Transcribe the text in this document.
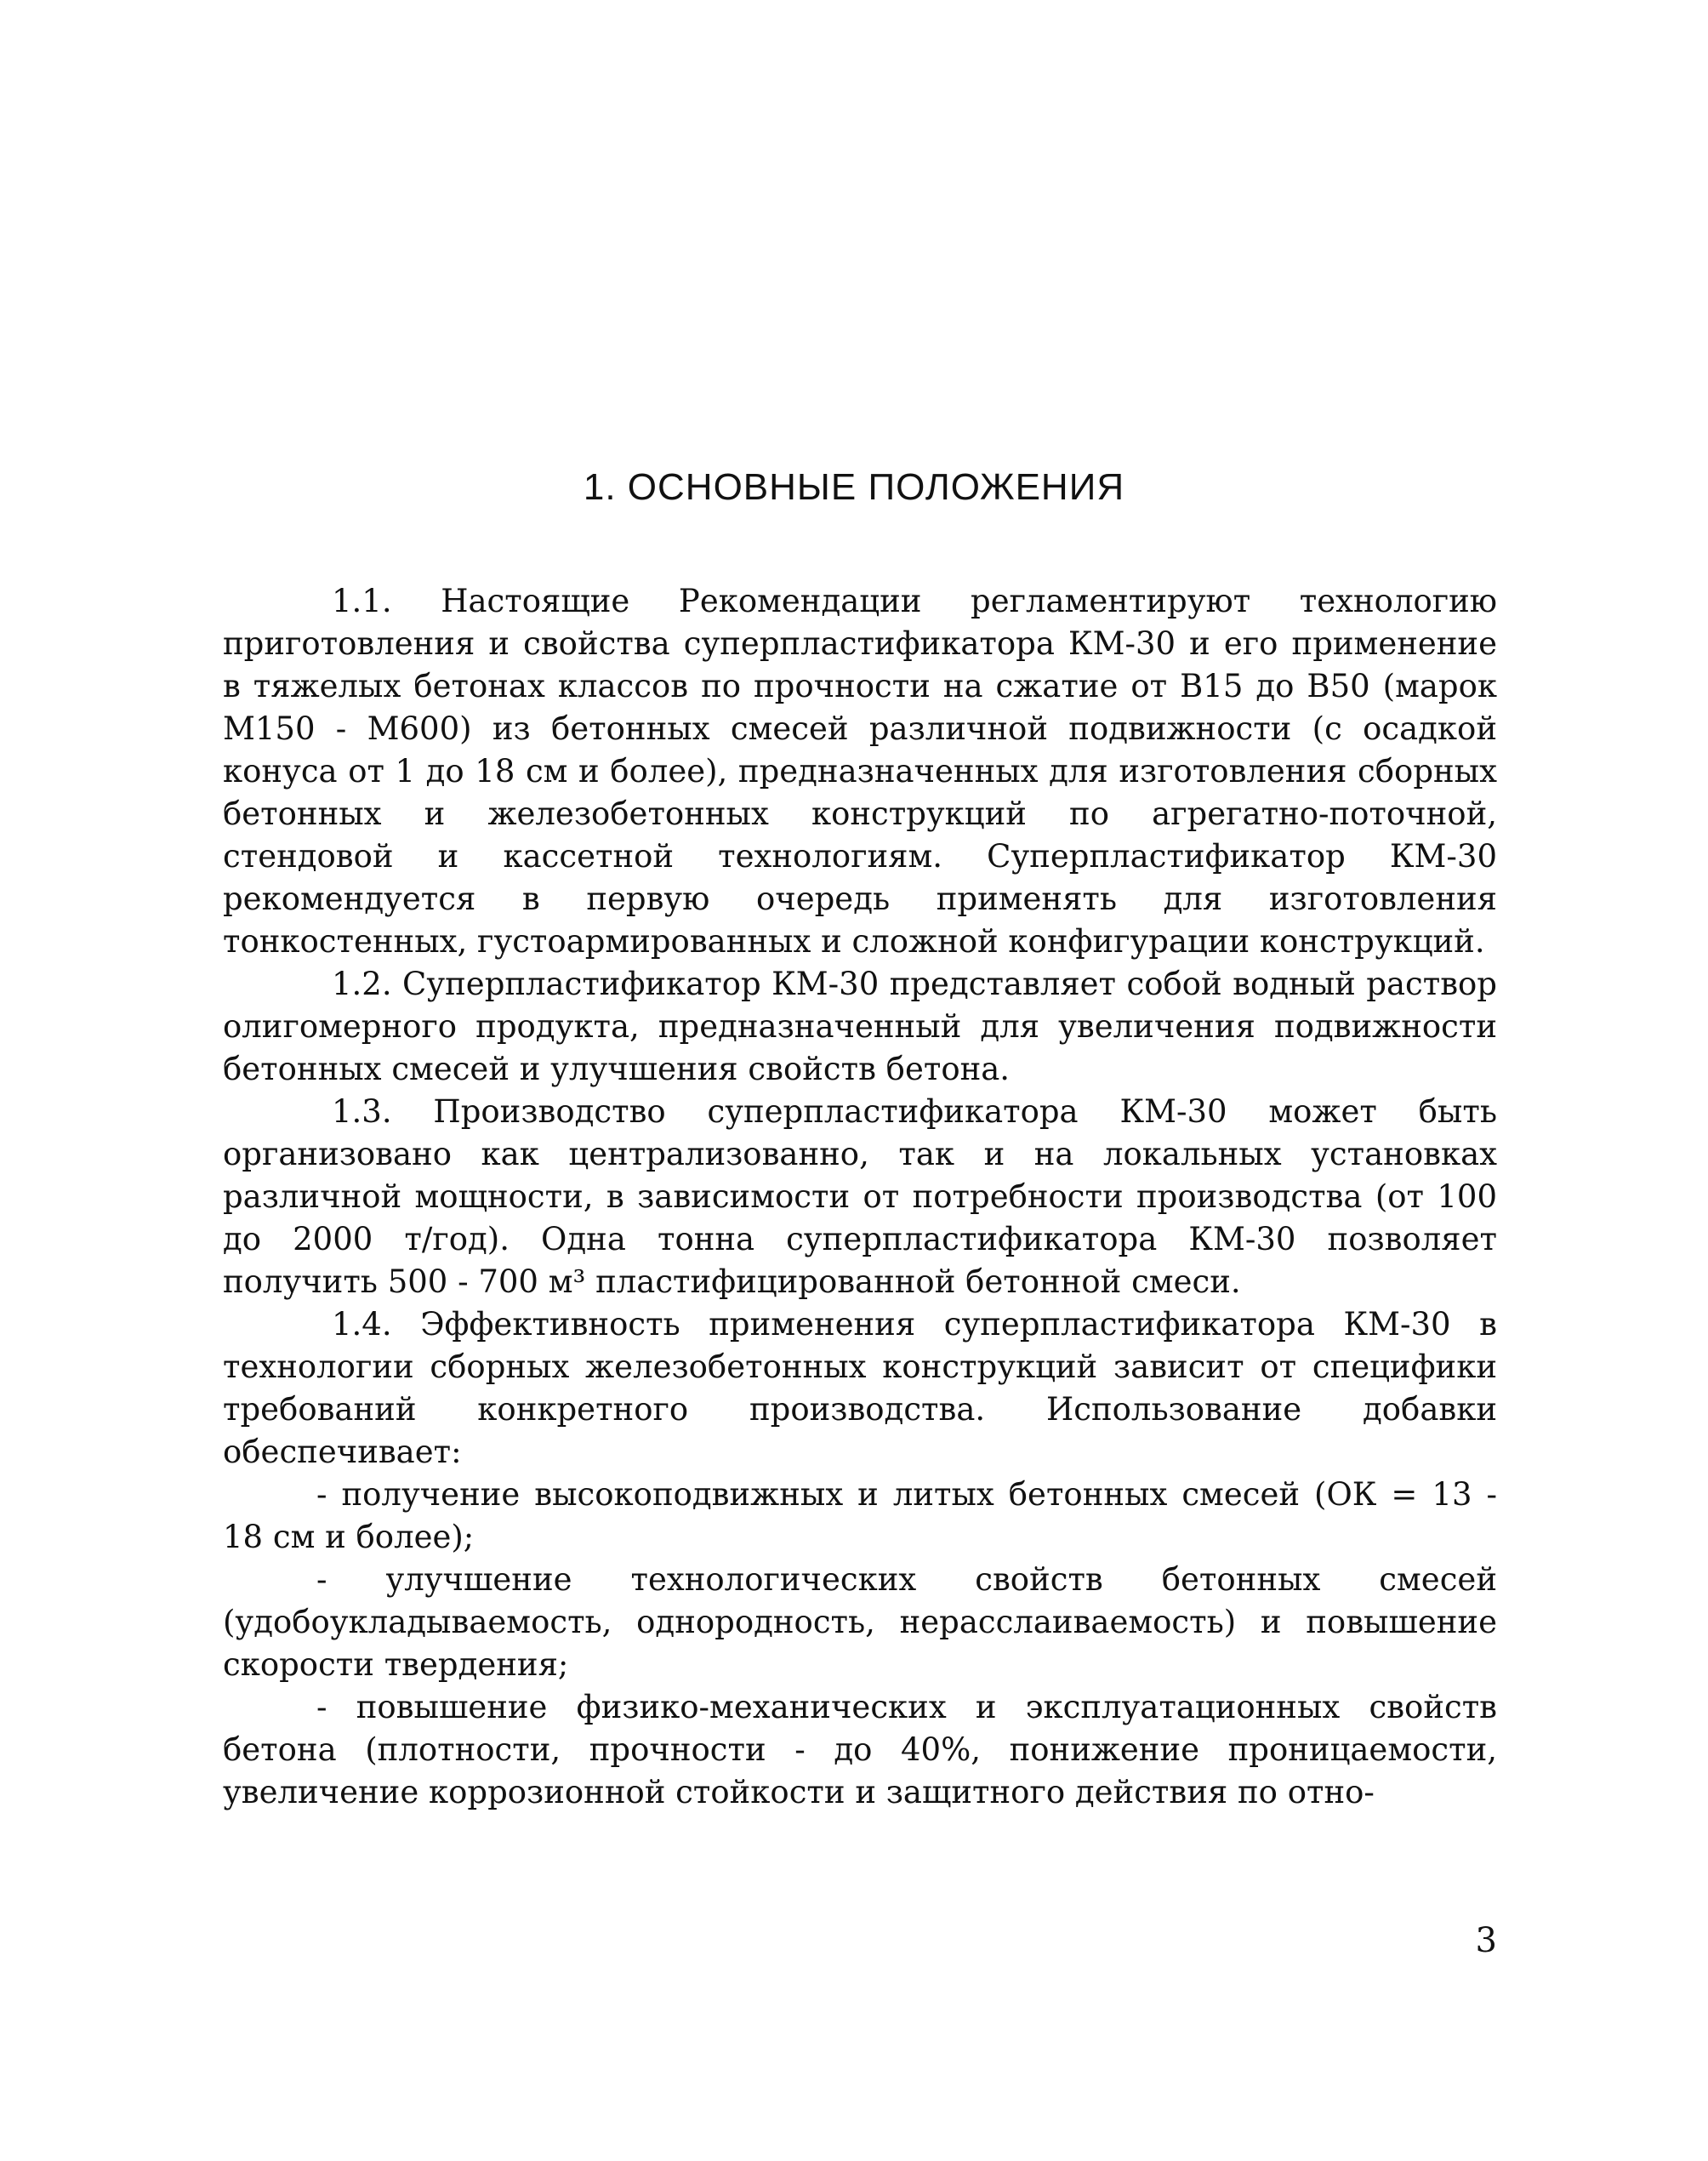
1. ОСНОВНЫЕ ПОЛОЖЕНИЯ

1.1. Настоящие Рекомендации регламентируют технологию приготовления и свойства суперпластификатора КМ-30 и его применение в тяжелых бетонах классов по прочности на сжатие от В15 до В50 (марок М150 - М600) из бетонных смесей различной подвижности (с осадкой конуса от 1 до 18 см и более), предназначенных для изготовления сборных бетонных и железобетонных конструкций по агрегатно-поточной, стендовой и кассетной технологиям. Суперпластификатор КМ-30 рекомендуется в первую очередь применять для изготовления тонкостенных, густоармированных и сложной конфигурации конструкций.

1.2. Суперпластификатор КМ-30 представляет собой водный раствор олигомерного продукта, предназначенный для увеличения подвижности бетонных смесей и улучшения свойств бетона.

1.3. Производство суперпластификатора КМ-30 может быть организовано как централизованно, так и на локальных установках различной мощности, в зависимости от потребности производства (от 100 до 2000 т/год). Одна тонна суперпластификатора КМ-30 позволяет получить 500 - 700 м³ пластифицированной бетонной смеси.

1.4. Эффективность применения суперпластификатора КМ-30 в технологии сборных железобетонных конструкций зависит от специфики требований конкретного производства. Использование добавки обеспечивает:

- получение высокоподвижных и литых бетонных смесей (ОК = 13 - 18 см и более);

- улучшение технологических свойств бетонных смесей (удобоукладываемость, однородность, нерасслаиваемость) и повышение скорости твердения;

- повышение физико-механических и эксплуатационных свойств бетона (плотности, прочности - до 40%, понижение проницаемости, увеличение коррозионной стойкости и защитного действия по отно-

3
